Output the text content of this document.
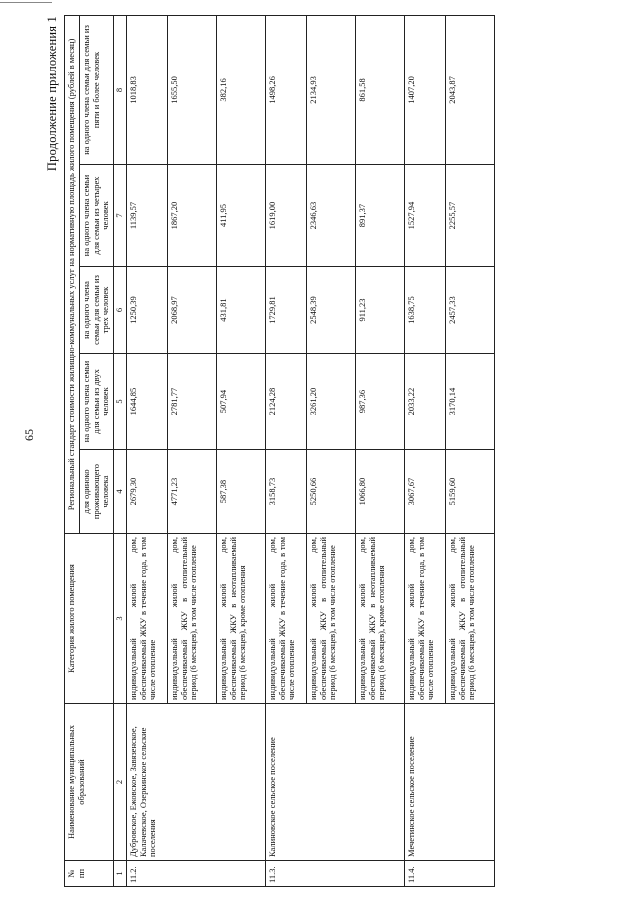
65
Продолжение приложения 1
№ пп	Наименование муниципальных образований	Категория жилого помещения	Региональный стандарт стоимости жилищно-коммунальных услуг на нормативную площадь жилого помещения (рублей в месяц)				

			для одиноко проживающего человека	на одного члена семьи для семьи из двух человек	на одного члена семьи для семьи из трех человек	на одного члена семьи для семьи из четырех человек	на одного члена семьи для семьи из пяти и более человек
1	2	3	4	5	6	7	8
11.2.	Дубровское, Ежовское, Завязенское, Калачевское, Озеркинское сельские поселения	индивидуальный жилой дом, обеспечиваемый ЖКУ в течение года, в том числе отопление	2679,30	1644,85	1250,39	1139,57	1018,83
		индивидуальный жилой дом, обеспечиваемый ЖКУ в отопительный период (6 месяцев), в том числе отопление	4771,23	2781,77	2068,97	1867,20	1655,50
		индивидуальный жилой дом, обеспечиваемый ЖКУ в неотапливаемый период (6 месяцев), кроме отопления	587,38	507,94	431,81	411,95	382,16
11.3.	Калиновское сельское поселение	индивидуальный жилой дом, обеспечиваемый ЖКУ в течение года, в том числе отопление	3158,73	2124,28	1729,81	1619,00	1498,26
		индивидуальный жилой дом, обеспечиваемый ЖКУ в отопительный период (6 месяцев), в том числе отопление	5250,66	3261,20	2548,39	2346,63	2134,93
		индивидуальный жилой дом, обеспечиваемый ЖКУ в неотапливаемый период (6 месяцев), кроме отопления	1066,80	987,36	911,23	891,37	861,58
11.4.	Мечетинское сельское поселение	индивидуальный жилой дом, обеспечиваемый ЖКУ в течение года, в том числе отопление	3067,67	2033,22	1638,75	1527,94	1407,20
		индивидуальный жилой дом, обеспечиваемый ЖКУ в отопительный период (6 месяцев), в том числе отопление	5159,60	3170,14	2457,33	2255,57	2043,87
